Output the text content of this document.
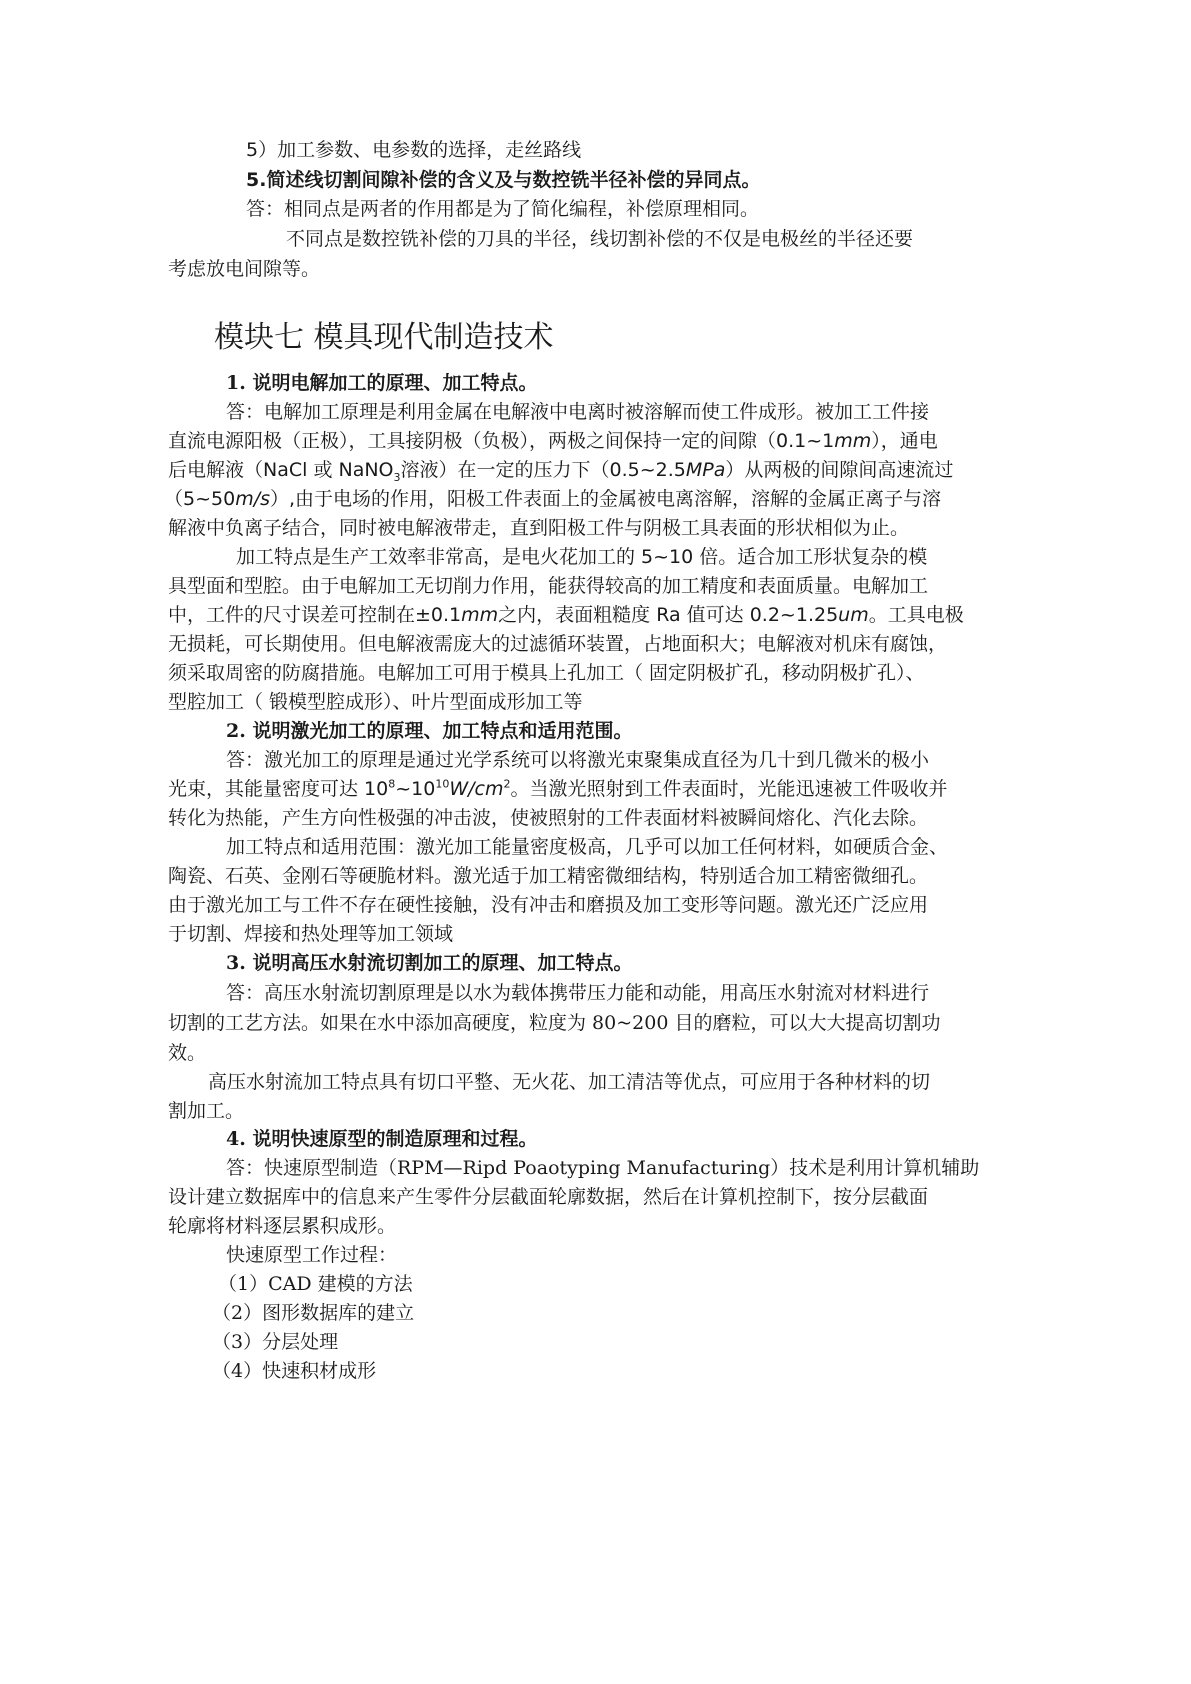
5）加工参数、电参数的选择，走丝路线
5.简述线切割间隙补偿的含义及与数控铣半径补偿的异同点。
答：相同点是两者的作用都是为了简化编程，补偿原理相同。
不同点是数控铣补偿的刀具的半径，线切割补偿的不仅是电极丝的半径还要
考虑放电间隙等。
模块七 模具现代制造技术
1. 说明电解加工的原理、加工特点。
答：电解加工原理是利用金属在电解液中电离时被溶解而使工件成形。被加工工件接
直流电源阳极（正极），工具接阴极（负极），两极之间保持一定的间隙（0.1~1mm），通电
后电解液（NaCl 或 NaNO$_3$溶液）在一定的压力下（0.5~2.5MPa）从两极的间隙间高速流过
（5~50m/s）,由于电场的作用，阳极工件表面上的金属被电离溶解，溶解的金属正离子与溶
解液中负离子结合，同时被电解液带走，直到阳极工件与阴极工具表面的形状相似为止。
加工特点是生产工效率非常高，是电火花加工的 5~10 倍。适合加工形状复杂的模
具型面和型腔。由于电解加工无切削力作用，能获得较高的加工精度和表面质量。电解加工
中，工件的尺寸误差可控制在±0.1mm之内，表面粗糙度 Ra 值可达 0.2~1.25um。工具电极
无损耗，可长期使用。但电解液需庞大的过滤循环装置，占地面积大；电解液对机床有腐蚀，
须采取周密的防腐措施。电解加工可用于模具上孔加工（ 固定阴极扩孔，移动阴极扩孔）、
型腔加工（ 锻模型腔成形）、叶片型面成形加工等
2. 说明激光加工的原理、加工特点和适用范围。
答：激光加工的原理是通过光学系统可以将激光束聚集成直径为几十到几微米的极小
光束，其能量密度可达 $10^8\sim 10^{10}W/cm^2$。当激光照射到工件表面时，光能迅速被工件吸收并
转化为热能，产生方向性极强的冲击波，使被照射的工件表面材料被瞬间熔化、汽化去除。
加工特点和适用范围：激光加工能量密度极高，几乎可以加工任何材料，如硬质合金、
陶瓷、石英、金刚石等硬脆材料。激光适于加工精密微细结构，特别适合加工精密微细孔。
由于激光加工与工件不存在硬性接触，没有冲击和磨损及加工变形等问题。激光还广泛应用
于切割、焊接和热处理等加工领域
3. 说明高压水射流切割加工的原理、加工特点。
答：高压水射流切割原理是以水为载体携带压力能和动能，用高压水射流对材料进行
切割的工艺方法。如果在水中添加高硬度，粒度为 80~200 目的磨粒，可以大大提高切割功
效。
高压水射流加工特点具有切口平整、无火花、加工清洁等优点，可应用于各种材料的切
割加工。
4. 说明快速原型的制造原理和过程。
答：快速原型制造（RPM—Ripd Poaotyping Manufacturing）技术是利用计算机辅助
设计建立数据库中的信息来产生零件分层截面轮廓数据，然后在计算机控制下，按分层截面
轮廓将材料逐层累积成形。
快速原型工作过程：
（1）CAD 建模的方法
（2）图形数据库的建立
（3）分层处理
（4）快速积材成形
